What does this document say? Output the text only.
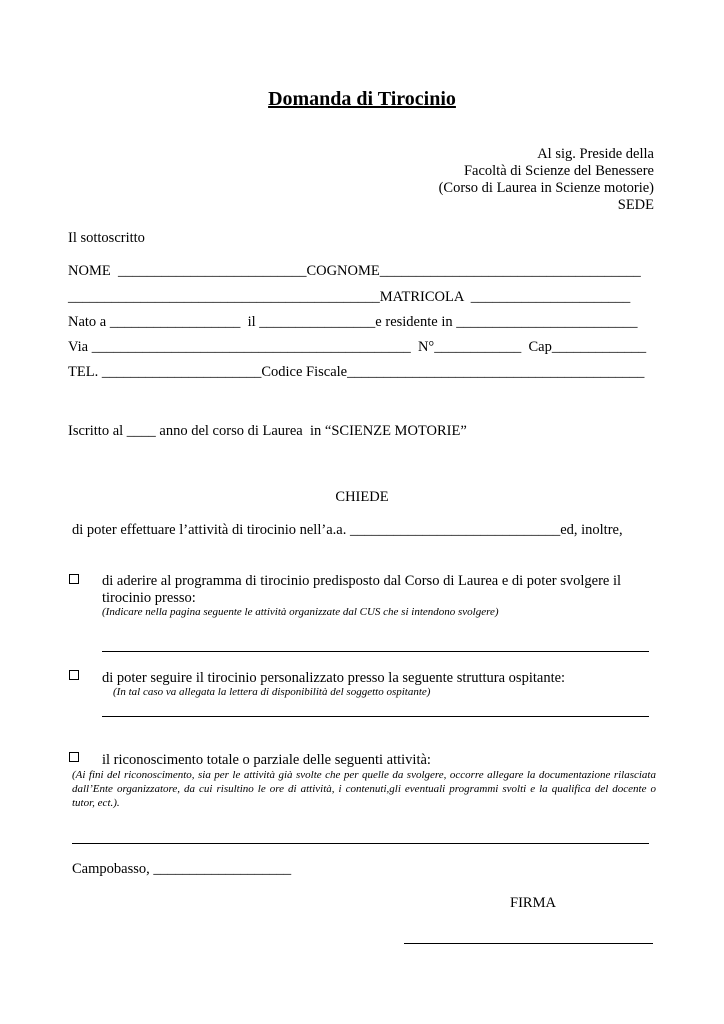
Domanda di Tirocinio
Al sig. Preside della
Facoltà di Scienze del Benessere
(Corso di Laurea in Scienze motorie)
SEDE
Il sottoscritto
NOME  __________________________COGNOME____________________________________
___________________________________________MATRICOLA  ______________________
Nato a __________________  il ________________e residente in _________________________
Via ____________________________________________  N°____________  Cap_____________
TEL. ______________________Codice Fiscale_________________________________________
Iscritto al ____ anno del corso di Laurea  in “SCIENZE MOTORIE”
CHIEDE
di poter effettuare l’attività di tirocinio nell’a.a. _____________________________ed, inoltre,
di aderire al programma di tirocinio predisposto dal Corso di Laurea e di poter svolgere il
tirocinio presso:
(Indicare nella pagina seguente le attività organizzate dal CUS che si intendono svolgere)
di poter seguire il tirocinio personalizzato presso la seguente struttura ospitante:
(In tal caso va allegata la lettera di disponibilità del soggetto ospitante)
il riconoscimento totale o parziale delle seguenti attività:
(Ai fini del riconoscimento, sia per le attività già svolte che per quelle da svolgere, occorre allegare la documentazione rilasciata dall’Ente organizzatore, da cui risultino le ore di attività, i contenuti,gli eventuali programmi svolti e la qualifica del docente o tutor, ect.).
Campobasso, ___________________
FIRMA
